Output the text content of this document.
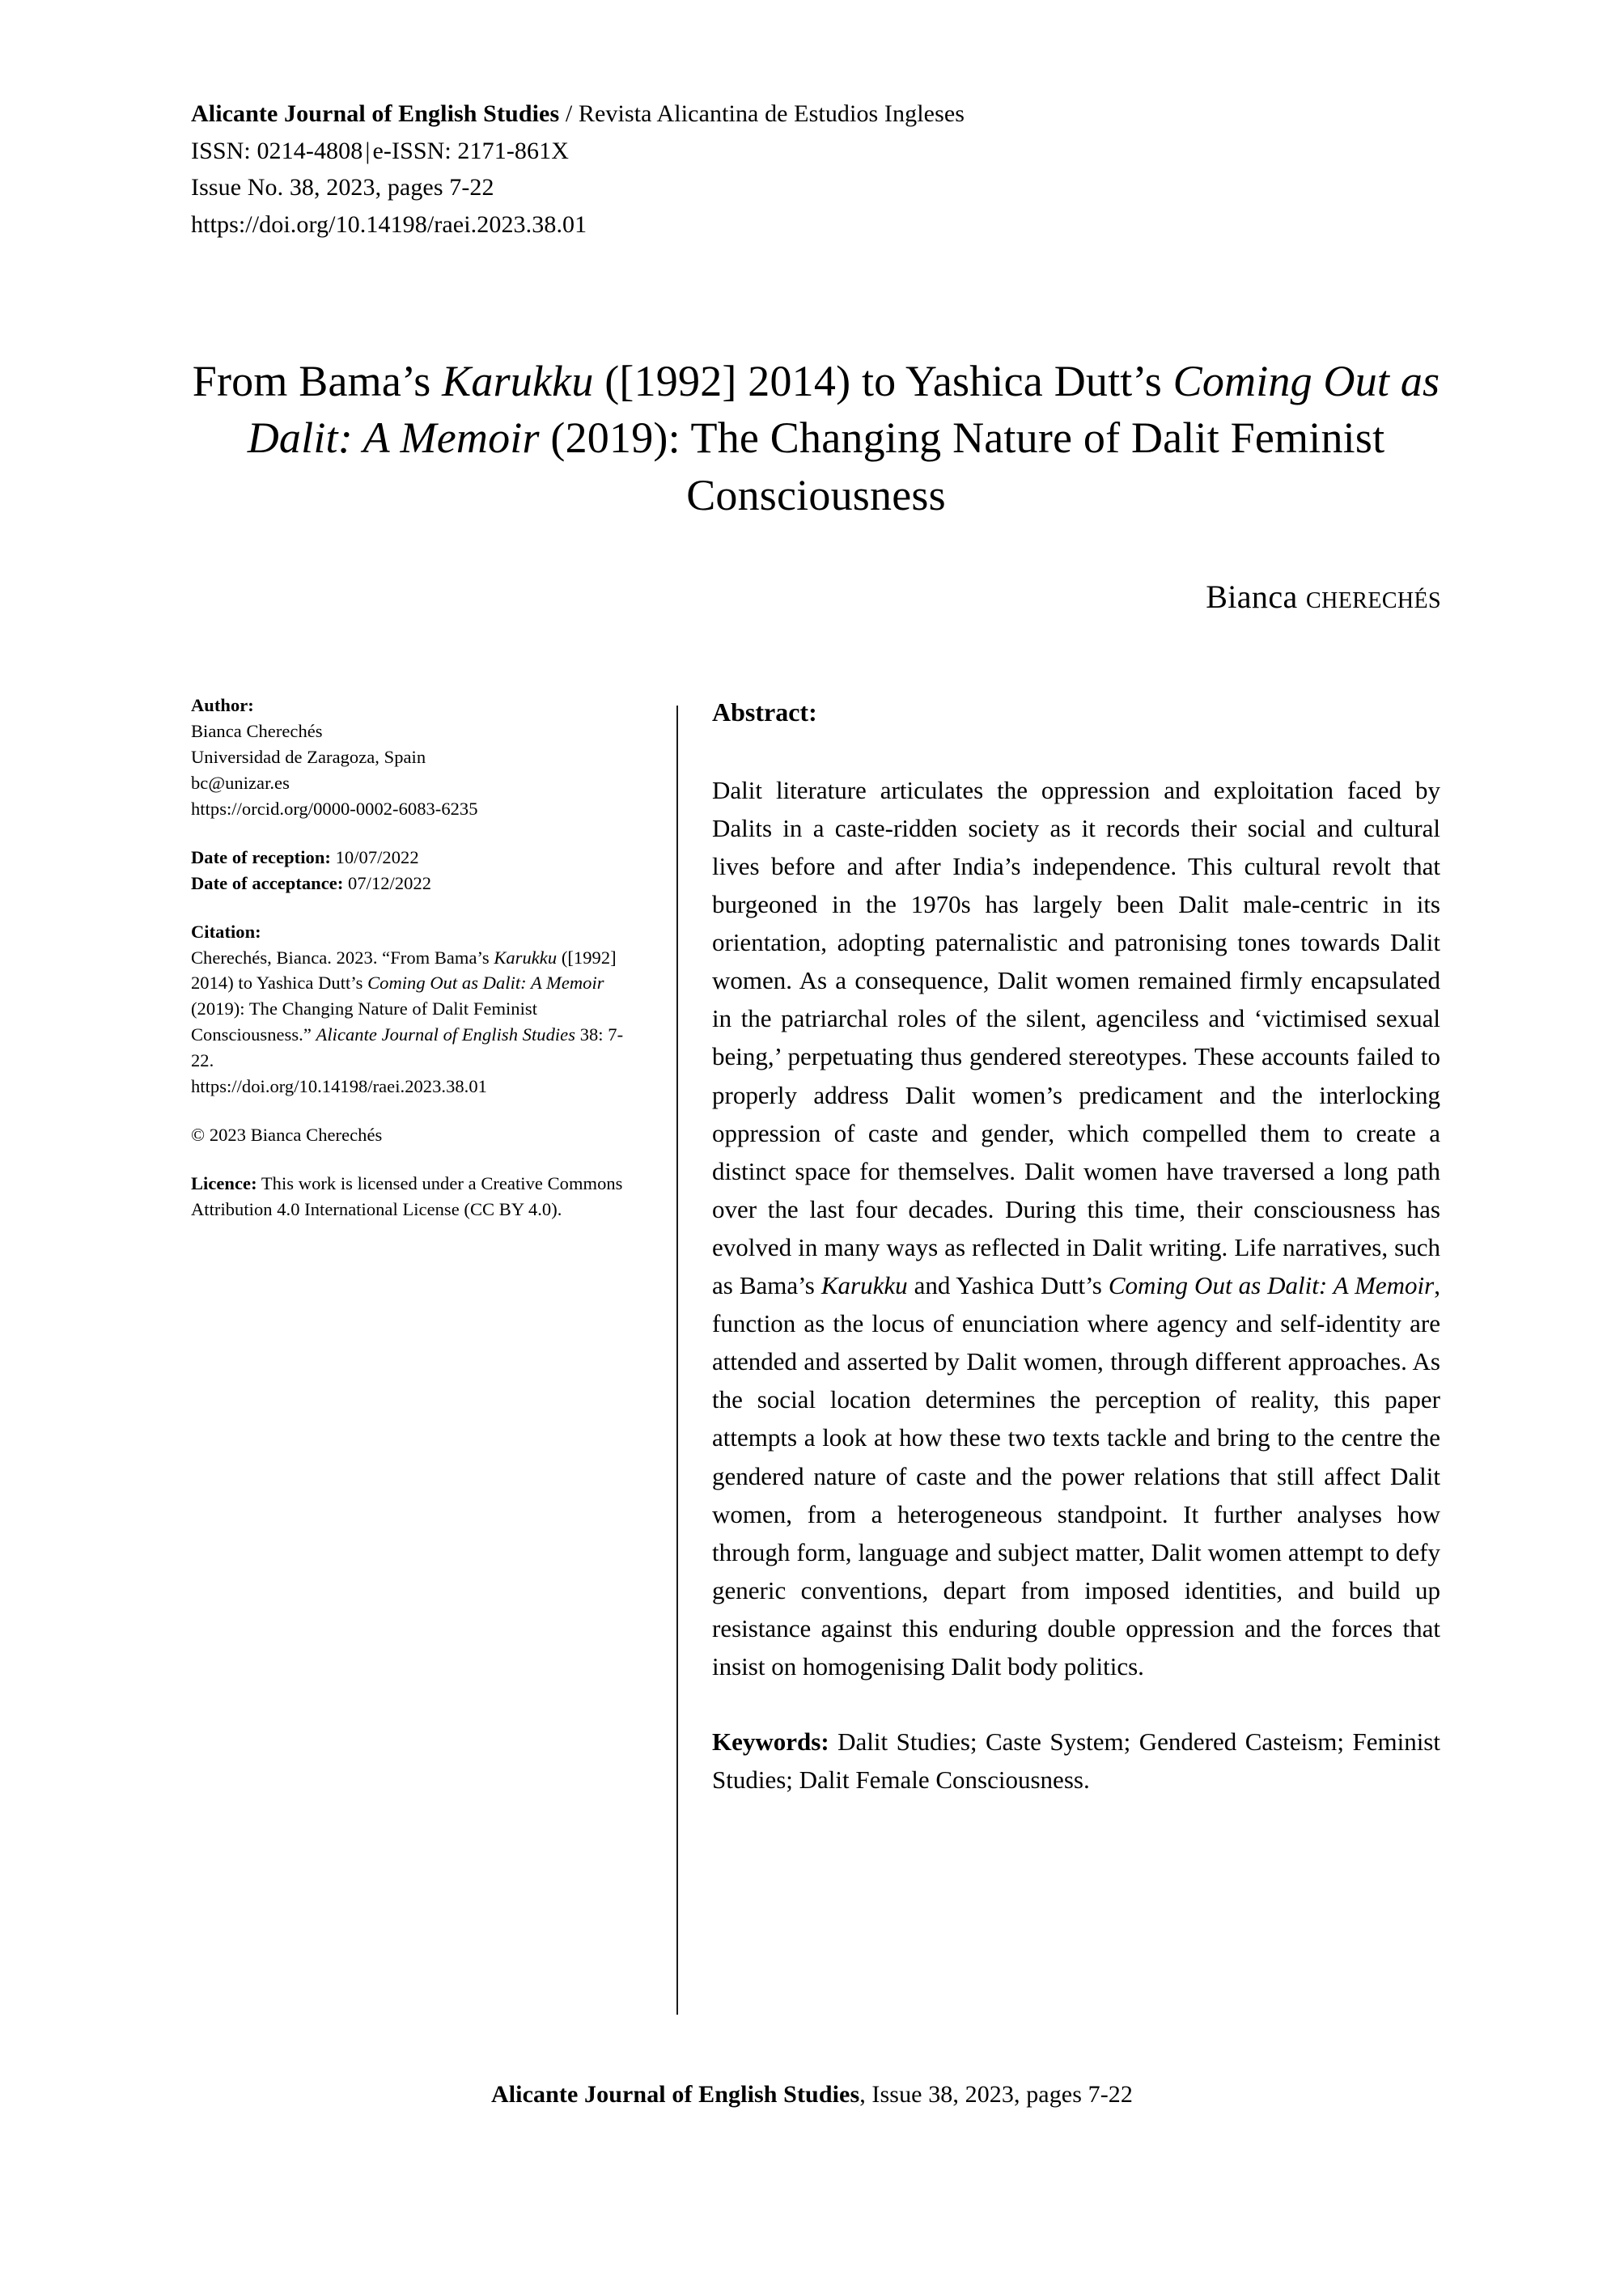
Alicante Journal of English Studies / Revista Alicantina de Estudios Ingleses
ISSN: 0214-4808 | e-ISSN: 2171-861X
Issue No. 38, 2023, pages 7-22
https://doi.org/10.14198/raei.2023.38.01
From Bama’s Karukku ([1992] 2014) to Yashica Dutt’s Coming Out as Dalit: A Memoir (2019): The Changing Nature of Dalit Feminist Consciousness
Bianca cherechés
Author:
Bianca Cherechés
Universidad de Zaragoza, Spain
bc@unizar.es
https://orcid.org/0000-0002-6083-6235
Date of reception: 10/07/2022
Date of acceptance: 07/12/2022
Citation:
Cherechés, Bianca. 2023. “From Bama’s Karukku ([1992] 2014) to Yashica Dutt’s Coming Out as Dalit: A Memoir (2019): The Changing Nature of Dalit Feminist Consciousness.” Alicante Journal of English Studies 38: 7-22.
https://doi.org/10.14198/raei.2023.38.01
© 2023 Bianca Cherechés
Licence: This work is licensed under a Creative Commons Attribution 4.0 International License (CC BY 4.0).
Abstract:
Dalit literature articulates the oppression and exploitation faced by Dalits in a caste-ridden society as it records their social and cultural lives before and after India’s independence. This cultural revolt that burgeoned in the 1970s has largely been Dalit male-centric in its orientation, adopting paternalistic and patronising tones towards Dalit women. As a consequence, Dalit women remained firmly encapsulated in the patriarchal roles of the silent, agenciless and ‘victimised sexual being,’ perpetuating thus gendered stereotypes. These accounts failed to properly address Dalit women’s predicament and the interlocking oppression of caste and gender, which compelled them to create a distinct space for themselves. Dalit women have traversed a long path over the last four decades. During this time, their consciousness has evolved in many ways as reflected in Dalit writing. Life narratives, such as Bama’s Karukku and Yashica Dutt’s Coming Out as Dalit: A Memoir, function as the locus of enunciation where agency and self-identity are attended and asserted by Dalit women, through different approaches. As the social location determines the perception of reality, this paper attempts a look at how these two texts tackle and bring to the centre the gendered nature of caste and the power relations that still affect Dalit women, from a heterogeneous standpoint. It further analyses how through form, language and subject matter, Dalit women attempt to defy generic conventions, depart from imposed identities, and build up resistance against this enduring double oppression and the forces that insist on homogenising Dalit body politics.
Keywords: Dalit Studies; Caste System; Gendered Casteism; Feminist Studies; Dalit Female Consciousness.
Alicante Journal of English Studies, Issue 38, 2023, pages 7-22
